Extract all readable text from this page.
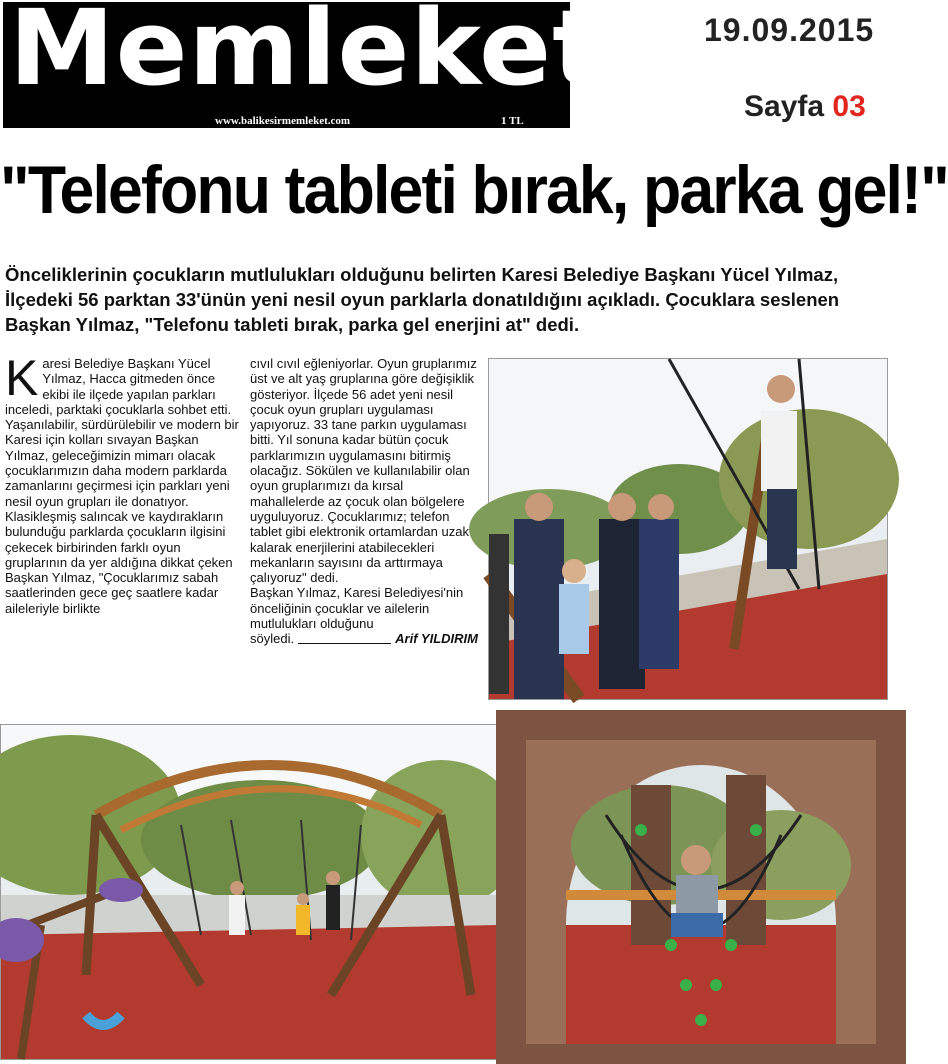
Memleket
www.balikesirmemleket.com	1 TL
19.09.2015
Sayfa 03
"Telefonu tableti bırak, parka gel!"
Önceliklerinin çocukların mutlulukları olduğunu belirten Karesi Belediye Başkanı Yücel Yılmaz, İlçedeki 56 parktan 33'ünün yeni nesil oyun parklarla donatıldığını açıkladı. Çocuklara seslenen Başkan Yılmaz, "Telefonu tableti bırak, parka gel enerjini at" dedi.

Karesi Belediye Başkanı Yücel Yılmaz, Hacca gitmeden önce ekibi ile ilçede yapılan parkları inceledi, parktaki çocuklarla sohbet etti.

Yaşanılabilir, sürdürülebilir ve modern bir Karesi için kolları sıvayan Başkan Yılmaz, geleceğimizin mimarı olacak çocuklarımızın daha modern parklarda zamanlarını geçirmesi için parkları yeni nesil oyun grupları ile donatıyor.

Klasikleşmiş salıncak ve kaydırakların bulunduğu parklarda çocukların ilgisini çekecek birbirinden farklı oyun gruplarının da yer aldığına dikkat çeken Başkan Yılmaz, "Çocuklarımız sabah saatlerinden gece geç saatlere kadar aileleriyle birlikte

cıvıl cıvıl eğleniyorlar. Oyun gruplarımız üst ve alt yaş gruplarına göre değişiklik gösteriyor. İlçede 56 adet yeni nesil çocuk oyun grupları uygulaması yapıyoruz. 33 tane parkın uygulaması bitti. Yıl sonuna kadar bütün çocuk parklarımızın uygulamasını bitirmiş olacağız. Sökülen ve kullanılabilir olan oyun gruplarımızı da kırsal mahallelerde az çocuk olan bölgelere uyguluyoruz. Çocuklarımız; telefon tablet gibi elektronik ortamlardan uzak kalarak enerjilerini atabilecekleri mekanların sayısını da arttırmaya çalıyoruz" dedi.

Başkan Yılmaz, Karesi Belediyesi'nin önceliğinin çocuklar ve ailelerin mutlulukları olduğunu

söyledi.	Arif YILDIRIM
